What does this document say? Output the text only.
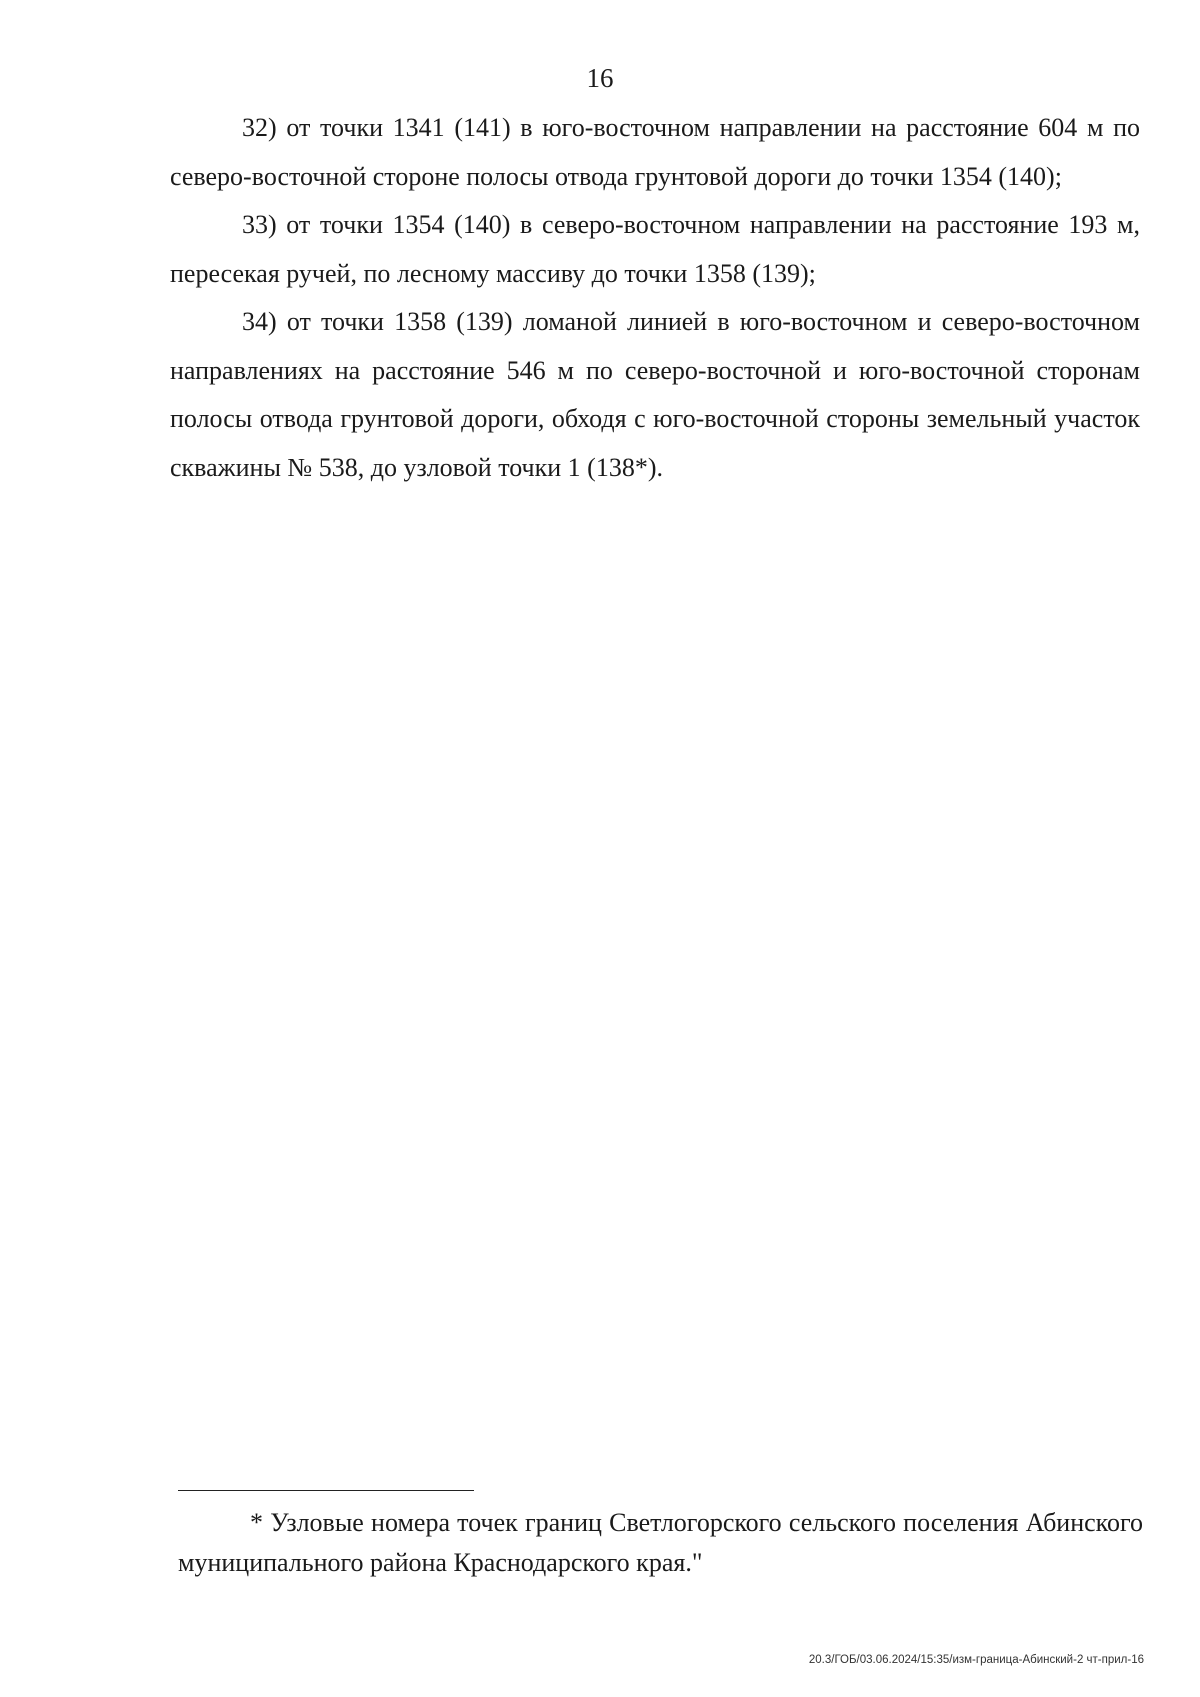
16

32) от точки 1341 (141) в юго-восточном направлении на расстояние 604 м по северо-восточной стороне полосы отвода грунтовой дороги до точки 1354 (140);

33) от точки 1354 (140) в северо-восточном направлении на расстояние 193 м, пересекая ручей, по лесному массиву до точки 1358 (139);

34) от точки 1358 (139) ломаной линией в юго-восточном и северо-восточном направлениях на расстояние 546 м по северо-восточной и юго-восточной сторонам полосы отвода грунтовой дороги, обходя с юго-восточной стороны земельный участок скважины № 538, до узловой точки 1 (138*).

* Узловые номера точек границ Светлогорского сельского поселения Абинского муниципального района Краснодарского края."

20.3/ГОБ/03.06.2024/15:35/изм-граница-Абинский-2 чт-прил-16
